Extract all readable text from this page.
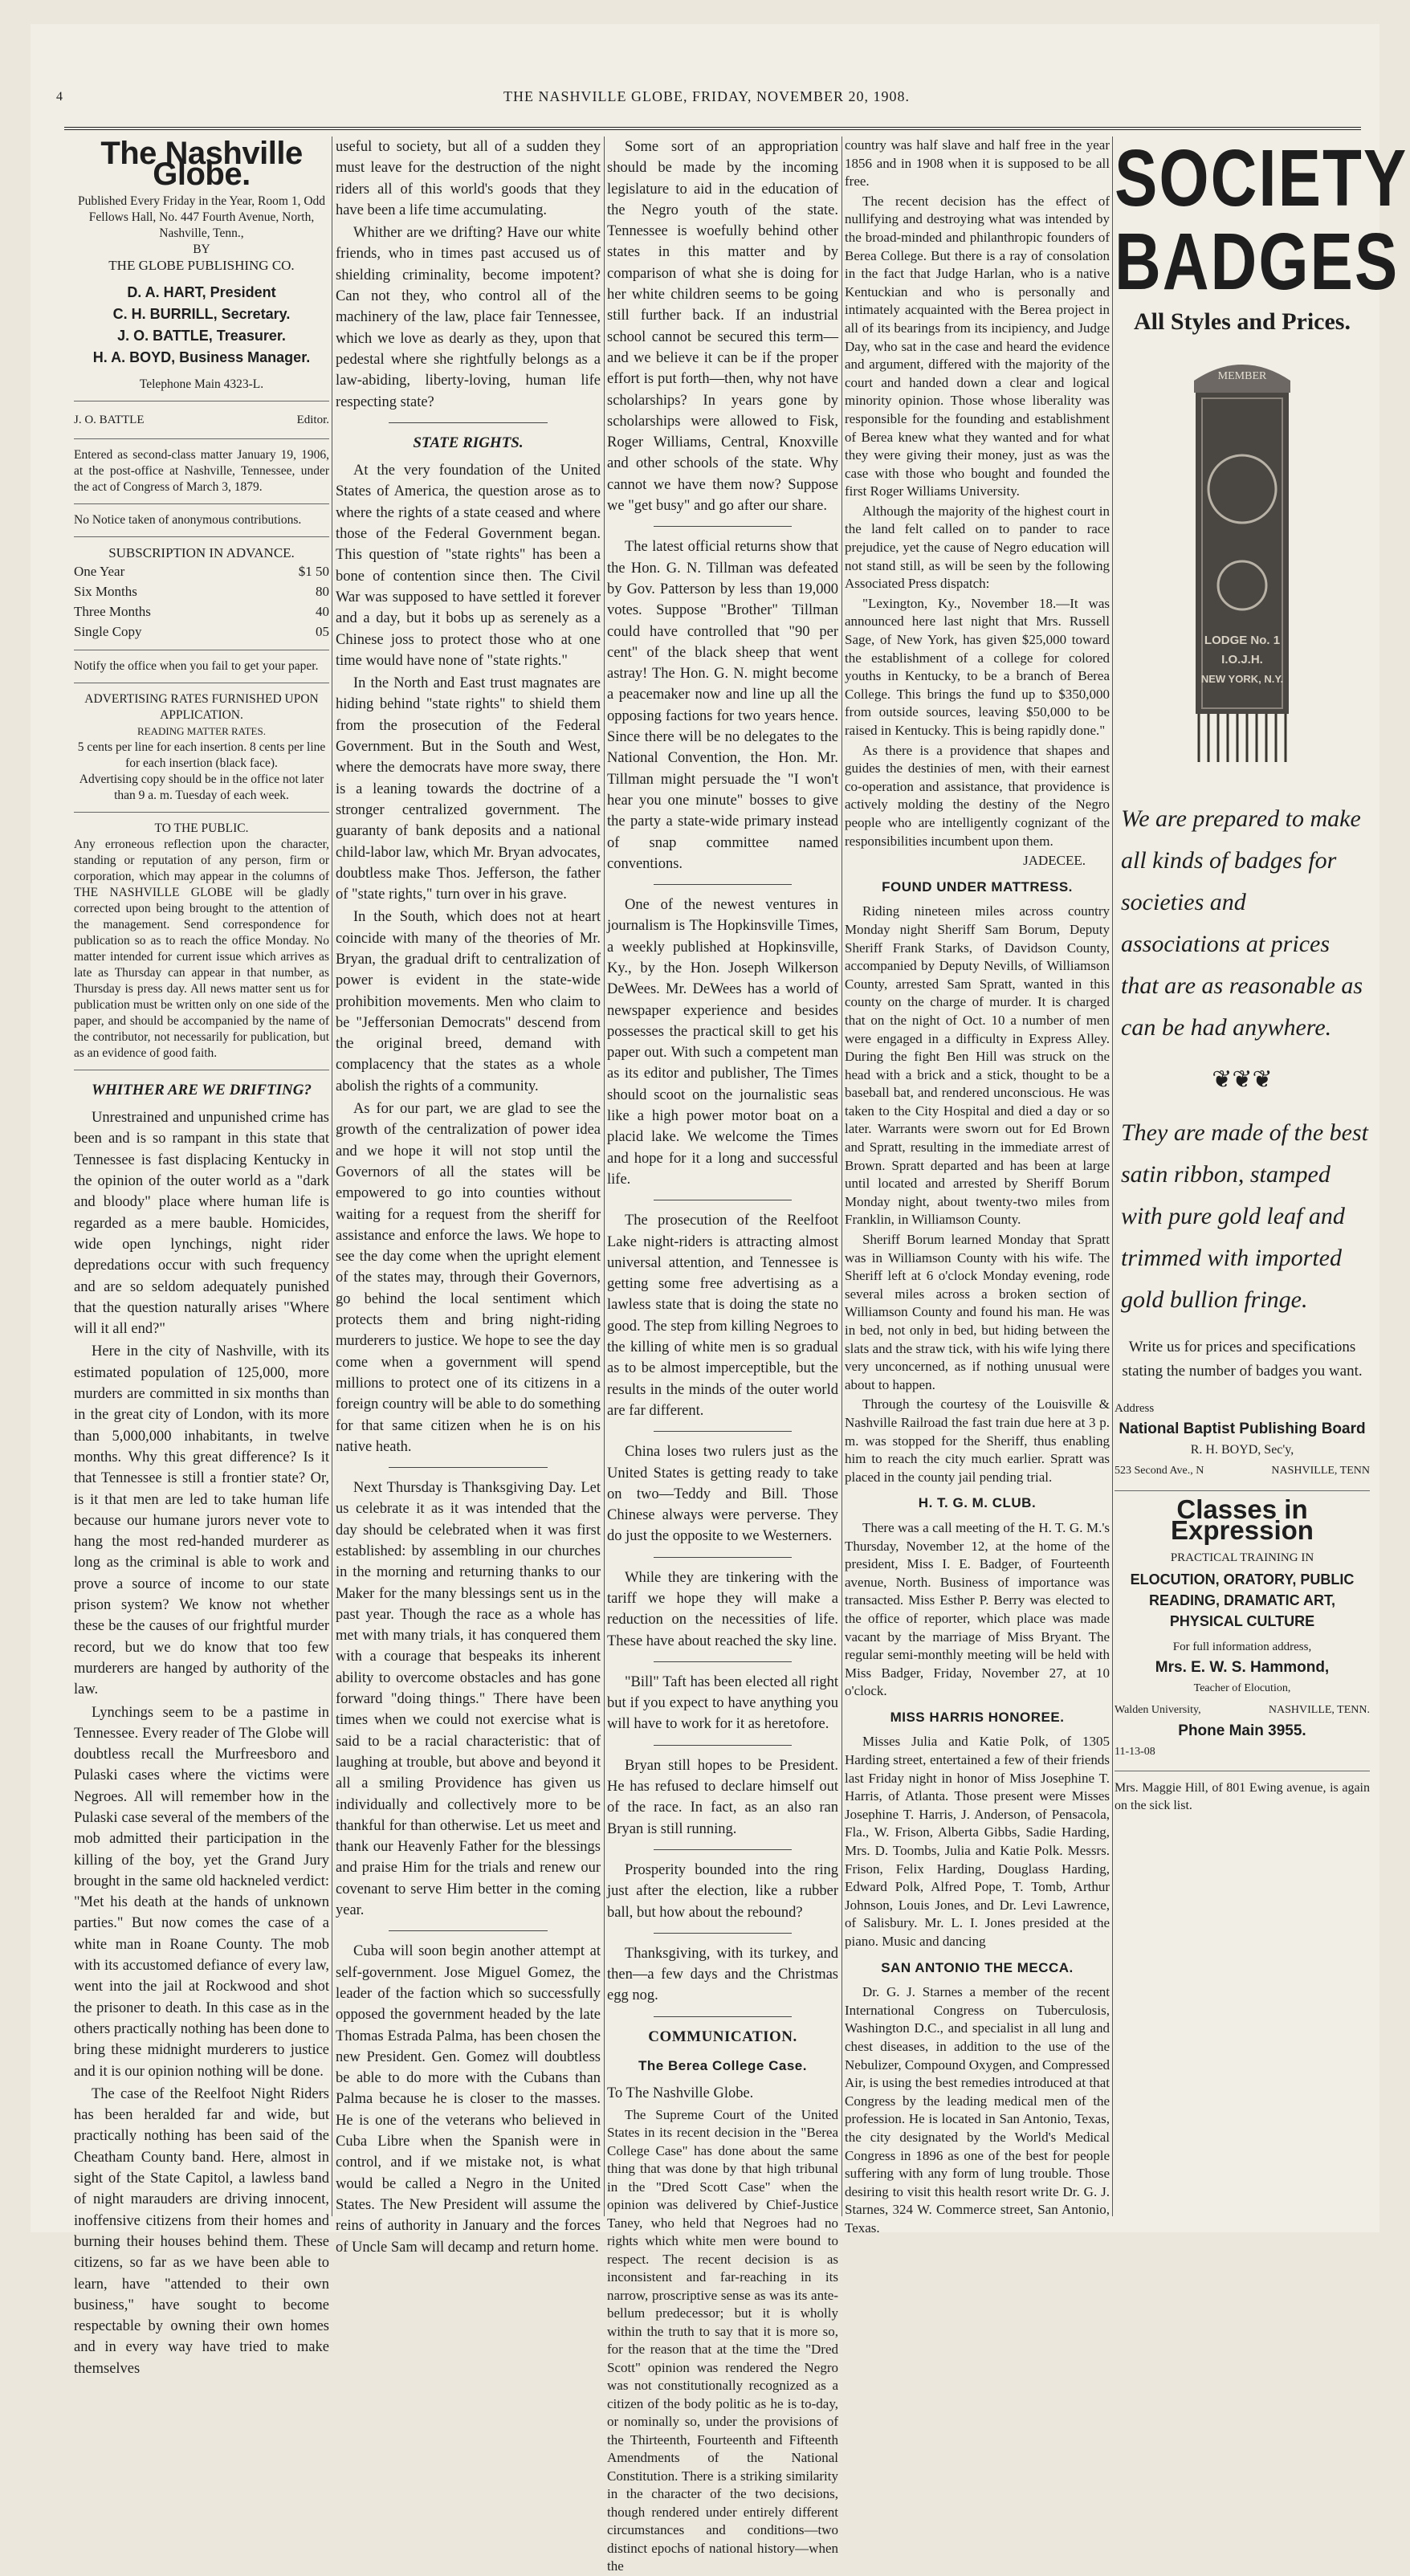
4	THE NASHVILLE GLOBE, FRIDAY, NOVEMBER 20, 1908.
The Nashville Globe.
Published Every Friday in the Year, Room 1, Odd Fellows Hall, No. 447 Fourth Avenue, North, Nashville, Tenn.,
BY
THE GLOBE PUBLISHING CO.
D. A. HART, President
C. H. BURRILL, Secretary.
J. O. BATTLE, Treasurer.
H. A. BOYD, Business Manager.
Telephone Main 4323-L.
J. O. BATTLE	Editor.
Entered as second-class matter January 19, 1906, at the post-office at Nashville, Tennessee, under the act of Congress of March 3, 1879.
No Notice taken of anonymous contributions.
SUBSCRIPTION IN ADVANCE.
One Year	$1 50
Six Months	80
Three Months	40
Single Copy	05
Notify the office when you fail to get your paper.
ADVERTISING RATES FURNISHED UPON APPLICATION.
READING MATTER RATES.
5 cents per line for each insertion. 8 cents per line for each insertion (black face).
Advertising copy should be in the office not later than 9 a. m. Tuesday of each week.
TO THE PUBLIC.
Any erroneous reflection upon the character, standing or reputation of any person, firm or corporation, which may appear in the columns of THE NASHVILLE GLOBE will be gladly corrected upon being brought to the attention of the management. Send correspondence for publication so as to reach the office Monday. No matter intended for current issue which arrives as late as Thursday can appear in that number, as Thursday is press day. All news matter sent us for publication must be written only on one side of the paper, and should be accompanied by the name of the contributor, not necessarily for publication, but as an evidence of good faith.
WHITHER ARE WE DRIFTING?

Unrestrained and unpunished crime has been and is so rampant in this state that Tennessee is fast displacing Kentucky in the opinion of the outer world as a "dark and bloody" place where human life is regarded as a mere bauble. Homicides, wide open lynchings, night rider depredations occur with such frequency and are so seldom adequately punished that the question naturally arises "Where will it all end?"

Here in the city of Nashville, with its estimated population of 125,000, more murders are committed in six months than in the great city of London, with its more than 5,000,000 inhabitants, in twelve months. Why this great difference? Is it that Tennessee is still a frontier state? Or, is it that men are led to take human life because our humane jurors never vote to hang the most red-handed murderer as long as the criminal is able to work and prove a source of income to our state prison system? We know not whether these be the causes of our frightful murder record, but we do know that too few murderers are hanged by authority of the law.

Lynchings seem to be a pastime in Tennessee. Every reader of The Globe will doubtless recall the Murfreesboro and Pulaski cases where the victims were Negroes. All will remember how in the Pulaski case several of the members of the mob admitted their participation in the killing of the boy, yet the Grand Jury brought in the same old hackneled verdict: "Met his death at the hands of unknown parties." But now comes the case of a white man in Roane County. The mob with its accustomed defiance of every law, went into the jail at Rockwood and shot the prisoner to death. In this case as in the others practically nothing has been done to bring these midnight murderers to justice and it is our opinion nothing will be done.

The case of the Reelfoot Night Riders has been heralded far and wide, but practically nothing has been said of the Cheatham County band. Here, almost in sight of the State Capitol, a lawless band of night marauders are driving innocent, inoffensive citizens from their homes and burning their houses behind them. These citizens, so far as we have been able to learn, have "attended to their own business," have sought to become respectable by owning their own homes and in every way have tried to make themselves

useful to society, but all of a sudden they must leave for the destruction of the night riders all of this world's goods that they have been a life time accumulating.

Whither are we drifting? Have our white friends, who in times past accused us of shielding criminality, become impotent? Can not they, who control all of the machinery of the law, place fair Tennessee, which we love as dearly as they, upon that pedestal where she rightfully belongs as a law-abiding, liberty-loving, human life respecting state?

STATE RIGHTS.

At the very foundation of the United States of America, the question arose as to where the rights of a state ceased and where those of the Federal Government began. This question of "state rights" has been a bone of contention since then. The Civil War was supposed to have settled it forever and a day, but it bobs up as serenely as a Chinese joss to protect those who at one time would have none of "state rights."

In the North and East trust magnates are hiding behind "state rights" to shield them from the prosecution of the Federal Government. But in the South and West, where the democrats have more sway, there is a leaning towards the doctrine of a stronger centralized government. The guaranty of bank deposits and a national child-labor law, which Mr. Bryan advocates, doubtless make Thos. Jefferson, the father of "state rights," turn over in his grave.

In the South, which does not at heart coincide with many of the theories of Mr. Bryan, the gradual drift to centralization of power is evident in the state-wide prohibition movements. Men who claim to be "Jeffersonian Democrats" descend from the original breed, demand with complacency that the states as a whole abolish the rights of a community.

As for our part, we are glad to see the growth of the centralization of power idea and we hope it will not stop until the Governors of all the states will be empowered to go into counties without waiting for a request from the sheriff for assistance and enforce the laws. We hope to see the day come when the upright element of the states may, through their Governors, go behind the local sentiment which protects them and bring night-riding murderers to justice. We hope to see the day come when a government will spend millions to protect one of its citizens in a foreign country will be able to do something for that same citizen when he is on his native heath.

Next Thursday is Thanksgiving Day. Let us celebrate it as it was intended that the day should be celebrated when it was first established: by assembling in our churches in the morning and returning thanks to our Maker for the many blessings sent us in the past year. Though the race as a whole has met with many trials, it has conquered them with a courage that bespeaks its inherent ability to overcome obstacles and has gone forward "doing things." There have been times when we could not exercise what is said to be a racial characteristic: that of laughing at trouble, but above and beyond it all a smiling Providence has given us individually and collectively more to be thankful for than otherwise. Let us meet and thank our Heavenly Father for the blessings and praise Him for the trials and renew our covenant to serve Him better in the coming year.

Cuba will soon begin another attempt at self-government. Jose Miguel Gomez, the leader of the faction which so successfully opposed the government headed by the late Thomas Estrada Palma, has been chosen the new President. Gen. Gomez will doubtless be able to do more with the Cubans than Palma because he is closer to the masses. He is one of the veterans who believed in Cuba Libre when the Spanish were in control, and if we mistake not, is what would be called a Negro in the United States. The New President will assume the reins of authority in January and the forces of Uncle Sam will decamp and return home.

Some sort of an appropriation should be made by the incoming legislature to aid in the education of the Negro youth of the state. Tennessee is woefully behind other states in this matter and by comparison of what she is doing for her white children seems to be going still further back. If an industrial school cannot be secured this term—and we believe it can be if the proper effort is put forth—then, why not have scholarships? In years gone by scholarships were allowed to Fisk, Roger Williams, Central, Knoxville and other schools of the state. Why cannot we have them now? Suppose we "get busy" and go after our share.

The latest official returns show that the Hon. G. N. Tillman was defeated by Gov. Patterson by less than 19,000 votes. Suppose "Brother" Tillman could have controlled that "90 per cent" of the black sheep that went astray! The Hon. G. N. might become a peacemaker now and line up all the opposing factions for two years hence. Since there will be no delegates to the National Convention, the Hon. Mr. Tillman might persuade the "I won't hear you one minute" bosses to give the party a state-wide primary instead of snap committee named conventions.

One of the newest ventures in journalism is The Hopkinsville Times, a weekly published at Hopkinsville, Ky., by the Hon. Joseph Wilkerson DeWees. Mr. DeWees has a world of newspaper experience and besides possesses the practical skill to get his paper out. With such a competent man as its editor and publisher, The Times should scoot on the journalistic seas like a high power motor boat on a placid lake. We welcome the Times and hope for it a long and successful life.

The prosecution of the Reelfoot Lake night-riders is attracting almost universal attention, and Tennessee is getting some free advertising as a lawless state that is doing the state no good. The step from killing Negroes to the killing of white men is so gradual as to be almost imperceptible, but the results in the minds of the outer world are far different.

China loses two rulers just as the United States is getting ready to take on two—Teddy and Bill. Those Chinese always were perverse. They do just the opposite to we Westerners.

While they are tinkering with the tariff we hope they will make a reduction on the necessities of life. These have about reached the sky line.

"Bill" Taft has been elected all right but if you expect to have anything you will have to work for it as heretofore.

Bryan still hopes to be President. He has refused to declare himself out of the race. In fact, as an also ran Bryan is still running.

Prosperity bounded into the ring just after the election, like a rubber ball, but how about the rebound?

Thanksgiving, with its turkey, and then—a few days and the Christmas egg nog.

COMMUNICATION.
The Berea College Case.

To The Nashville Globe.

The Supreme Court of the United States in its recent decision in the "Berea College Case" has done about the same thing that was done by that high tribunal in the "Dred Scott Case" when the opinion was delivered by Chief-Justice Taney, who held that Negroes had no rights which white men were bound to respect. The recent decision is as inconsistent and far-reaching in its narrow, proscriptive sense as was its ante-bellum predecessor; but it is wholly within the truth to say that it is more so, for the reason that at the time the "Dred Scott" opinion was rendered the Negro was not constitutionally recognized as a citizen of the body politic as he is to-day, or nominally so, under the provisions of the Thirteenth, Fourteenth and Fifteenth Amendments of the National Constitution. There is a striking similarity in the character of the two decisions, though rendered under entirely different circumstances and conditions—two distinct epochs of national history—when the

country was half slave and half free in the year 1856 and in 1908 when it is supposed to be all free.

The recent decision has the effect of nullifying and destroying what was intended by the broad-minded and philanthropic founders of Berea College. But there is a ray of consolation in the fact that Judge Harlan, who is a native Kentuckian and who is personally and intimately acquainted with the Berea project in all of its bearings from its incipiency, and Judge Day, who sat in the case and heard the evidence and argument, differed with the majority of the court and handed down a clear and logical minority opinion. Those whose liberality was responsible for the founding and establishment of Berea knew what they wanted and for what they were giving their money, just as was the case with those who bought and founded the first Roger Williams University.

Although the majority of the highest court in the land felt called on to pander to race prejudice, yet the cause of Negro education will not stand still, as will be seen by the following Associated Press dispatch:

"Lexington, Ky., November 18.—It was announced here last night that Mrs. Russell Sage, of New York, has given $25,000 toward the establishment of a college for colored youths in Kentucky, to be a branch of Berea College. This brings the fund up to $350,000 from outside sources, leaving $50,000 to be raised in Kentucky. This is being rapidly done."

As there is a providence that shapes and guides the destinies of men, with their earnest co-operation and assistance, that providence is actively molding the destiny of the Negro people who are intelligently cognizant of the responsibilities incumbent upon them.

JADECEE.
FOUND UNDER MATTRESS.

Riding nineteen miles across country Monday night Sheriff Sam Borum, Deputy Sheriff Frank Starks, of Davidson County, accompanied by Deputy Nevills, of Williamson County, arrested Sam Spratt, wanted in this county on the charge of murder. It is charged that on the night of Oct. 10 a number of men were engaged in a difficulty in Express Alley. During the fight Ben Hill was struck on the head with a brick and a stick, thought to be a baseball bat, and rendered unconscious. He was taken to the City Hospital and died a day or so later. Warrants were sworn out for Ed Brown and Spratt, resulting in the immediate arrest of Brown. Spratt departed and has been at large until located and arrested by Sheriff Borum Monday night, about twenty-two miles from Franklin, in Williamson County.

Sheriff Borum learned Monday that Spratt was in Williamson County with his wife. The Sheriff left at 6 o'clock Monday evening, rode several miles across a broken section of Williamson County and found his man. He was in bed, not only in bed, but hiding between the slats and the straw tick, with his wife lying there very unconcerned, as if nothing unusual were about to happen.

Through the courtesy of the Louisville & Nashville Railroad the fast train due here at 3 p. m. was stopped for the Sheriff, thus enabling him to reach the city much earlier. Spratt was placed in the county jail pending trial.

H. T. G. M. CLUB.

There was a call meeting of the H. T. G. M.'s Thursday, November 12, at the home of the president, Miss I. E. Badger, of Fourteenth avenue, North. Business of importance was transacted. Miss Esther P. Berry was elected to the office of reporter, which place was made vacant by the marriage of Miss Bryant. The regular semi-monthly meeting will be held with Miss Badger, Friday, November 27, at 10 o'clock.

MISS HARRIS HONOREE.

Misses Julia and Katie Polk, of 1305 Harding street, entertained a few of their friends last Friday night in honor of Miss Josephine T. Harris, of Atlanta. Those present were Misses Josephine T. Harris, J. Anderson, of Pensacola, Fla., W. Frison, Alberta Gibbs, Sadie Harding, Mrs. D. Toombs, Julia and Katie Polk. Messrs. Frison, Felix Harding, Douglass Harding, Edward Polk, Alfred Pope, T. Tomb, Arthur Johnson, Louis Jones, and Dr. Levi Lawrence, of Salisbury. Mr. L. I. Jones presided at the piano. Music and dancing

SAN ANTONIO THE MECCA.

Dr. G. J. Starnes a member of the recent International Congress on Tuberculosis, Washington D.C., and specialist in all lung and chest diseases, in addition to the use of the Nebulizer, Compound Oxygen, and Compressed Air, is using the best remedies introduced at that Congress by the leading medical men of the profession. He is located in San Antonio, Texas, the city designated by the World's Medical Congress in 1896 as one of the best for people suffering with any form of lung trouble. Those desiring to visit this health resort write Dr. G. J. Starnes, 324 W. Commerce street, San Antonio, Texas.

SOCIETY
BADGES
All Styles and Prices.
MEMBER
LODGE No. 1
I.O.J.H.
NEW YORK, N.Y.
We are prepared to make all kinds of badges for societies and associations at prices that are as reasonable as can be had anywhere.
❦❦❦
They are made of the best satin ribbon, stamped with pure gold leaf and trimmed with imported gold bullion fringe.
Write us for prices and specifications stating the number of badges you want.
Address
National Baptist Publishing Board
R. H. BOYD, Sec'y,
523 Second Ave., N	NASHVILLE, TENN
Classes in Expression
PRACTICAL TRAINING IN
ELOCUTION, ORATORY, PUBLIC READING, DRAMATIC ART, PHYSICAL CULTURE
For full information address,
Mrs. E. W. S. Hammond,
Teacher of Elocution,
Walden University,	NASHVILLE, TENN.
Phone Main 3955.
11-13-08
Mrs. Maggie Hill, of 801 Ewing avenue, is again on the sick list.
